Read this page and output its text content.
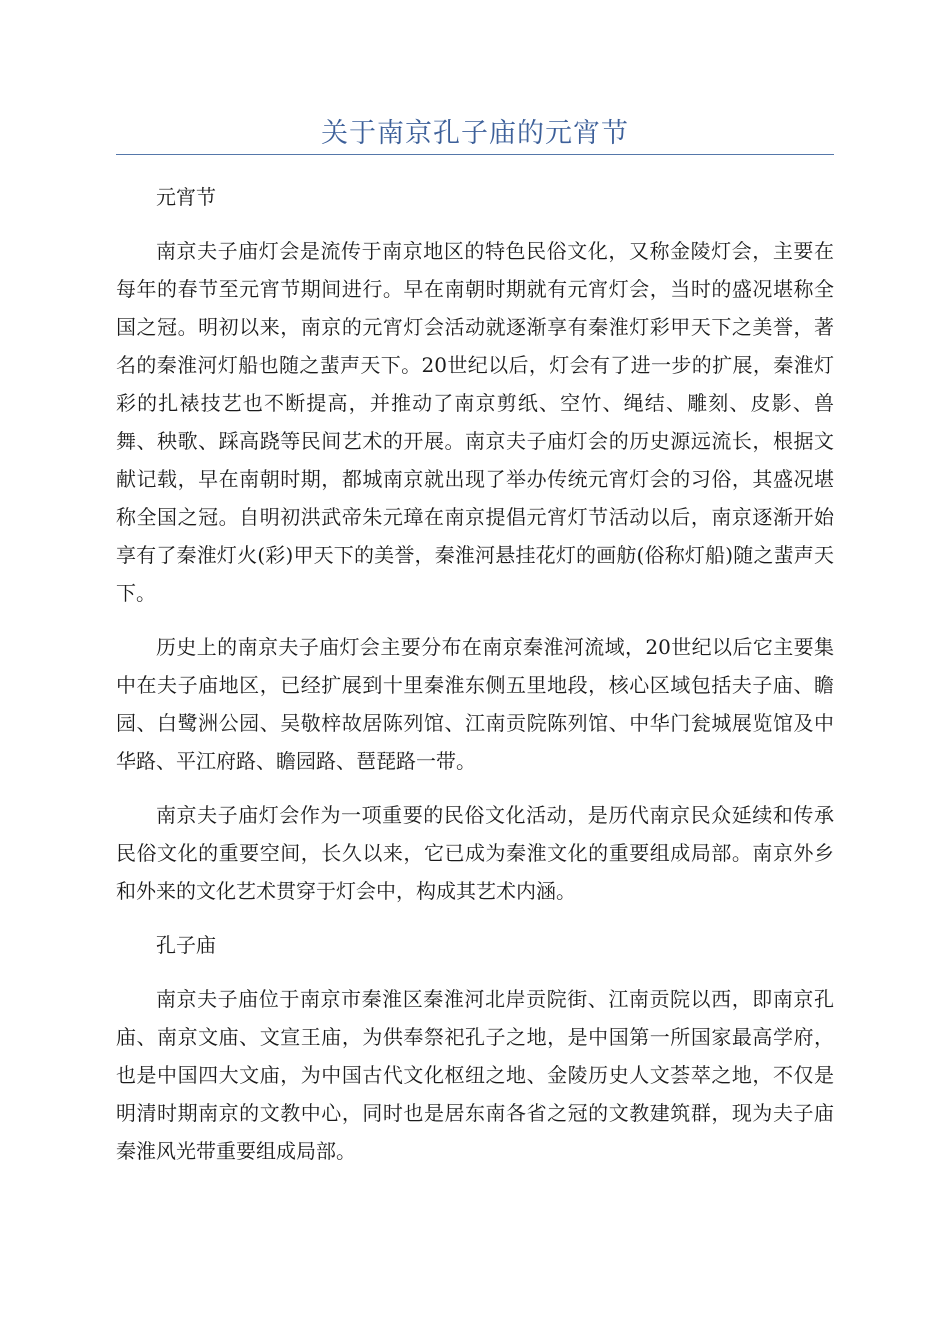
关于南京孔子庙的元宵节

元宵节

南京夫子庙灯会是流传于南京地区的特色民俗文化，又称金陵灯会，主要在每年的春节至元宵节期间进行。早在南朝时期就有元宵灯会，当时的盛况堪称全国之冠。明初以来，南京的元宵灯会活动就逐渐享有秦淮灯彩甲天下之美誉，著名的秦淮河灯船也随之蜚声天下。20世纪以后，灯会有了进一步的扩展，秦淮灯彩的扎裱技艺也不断提高，并推动了南京剪纸、空竹、绳结、雕刻、皮影、兽舞、秧歌、踩高跷等民间艺术的开展。南京夫子庙灯会的历史源远流长，根据文献记载，早在南朝时期，都城南京就出现了举办传统元宵灯会的习俗，其盛况堪称全国之冠。自明初洪武帝朱元璋在南京提倡元宵灯节活动以后，南京逐渐开始享有了秦淮灯火(彩)甲天下的美誉，秦淮河悬挂花灯的画舫(俗称灯船)随之蜚声天下。

历史上的南京夫子庙灯会主要分布在南京秦淮河流域，20世纪以后它主要集中在夫子庙地区，已经扩展到十里秦淮东侧五里地段，核心区域包括夫子庙、瞻园、白鹭洲公园、吴敬梓故居陈列馆、江南贡院陈列馆、中华门瓮城展览馆及中华路、平江府路、瞻园路、琶琵路一带。

南京夫子庙灯会作为一项重要的民俗文化活动，是历代南京民众延续和传承民俗文化的重要空间，长久以来，它已成为秦淮文化的重要组成局部。南京外乡和外来的文化艺术贯穿于灯会中，构成其艺术内涵。

孔子庙

南京夫子庙位于南京市秦淮区秦淮河北岸贡院街、江南贡院以西，即南京孔庙、南京文庙、文宣王庙，为供奉祭祀孔子之地，是中国第一所国家最高学府，也是中国四大文庙，为中国古代文化枢纽之地、金陵历史人文荟萃之地，不仅是明清时期南京的文教中心，同时也是居东南各省之冠的文教建筑群，现为夫子庙秦淮风光带重要组成局部。
